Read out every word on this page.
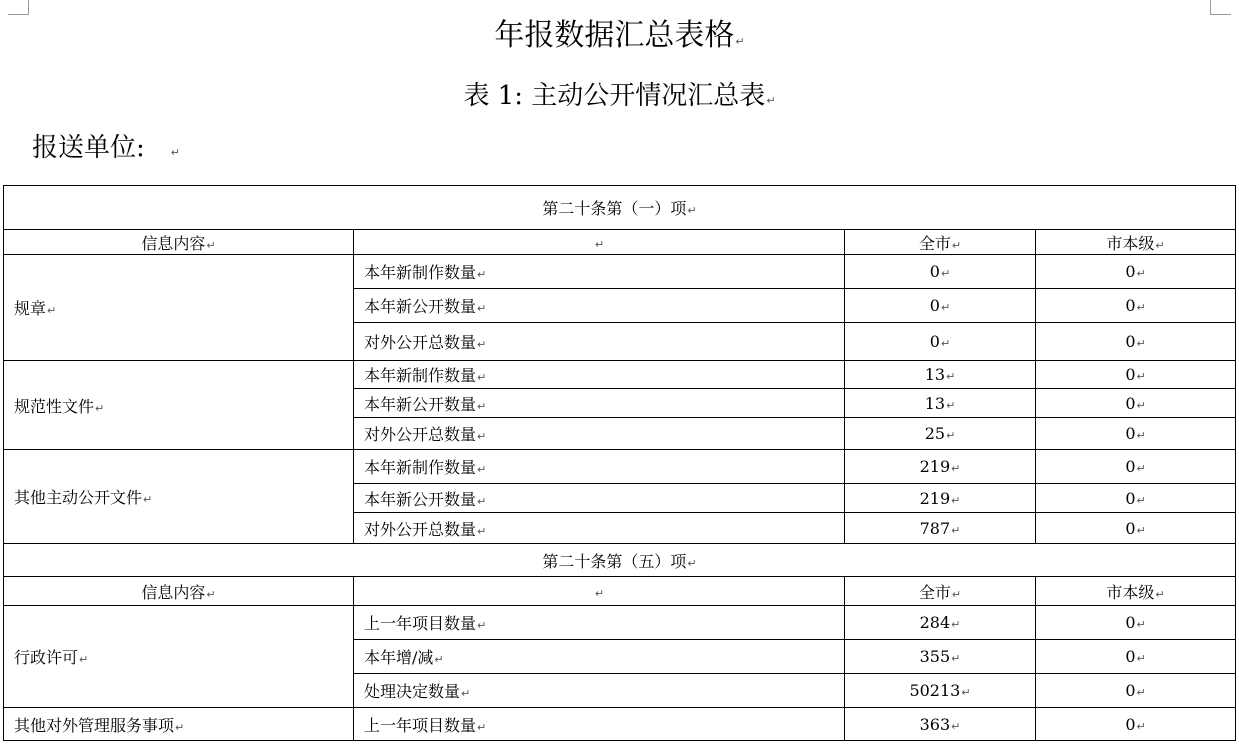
年报数据汇总表格↵
表 1: 主动公开情况汇总表↵
报送单位: ↵
第二十条第（一）项↵			
信息内容↵	↵	全市↵	市本级↵
规章↵	本年新制作数量↵	0↵	0↵
	本年新公开数量↵	0↵	0↵
	对外公开总数量↵	0↵	0↵
规范性文件↵	本年新制作数量↵	13↵	0↵
	本年新公开数量↵	13↵	0↵
	对外公开总数量↵	25↵	0↵
其他主动公开文件↵	本年新制作数量↵	219↵	0↵
	本年新公开数量↵	219↵	0↵
	对外公开总数量↵	787↵	0↵
第二十条第（五）项↵			
信息内容↵	↵	全市↵	市本级↵
行政许可↵	上一年项目数量↵	284↵	0↵
	本年增/减↵	355↵	0↵
	处理决定数量↵	50213↵	0↵
其他对外管理服务事项↵	上一年项目数量↵	363↵	0↵
